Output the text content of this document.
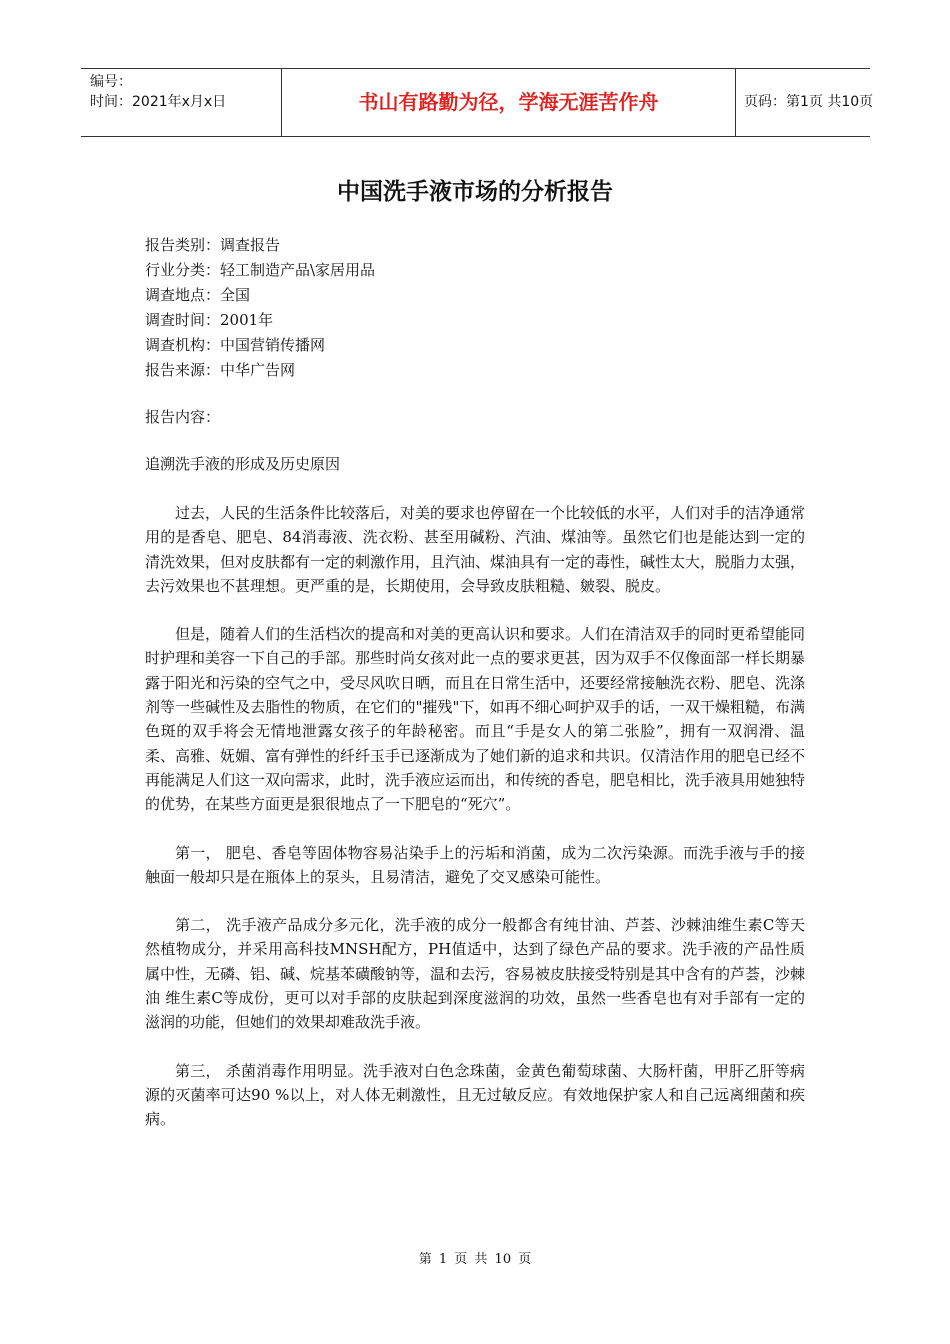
编号：
时间：2021年x月x日	书山有路勤为径，学海无涯苦作舟	页码：第1页 共10页
中国洗手液市场的分析报告
报告类别：调查报告
行业分类：轻工制造产品\家居用品
调查地点：全国
调查时间：2001年
调查机构：中国营销传播网
报告来源：中华广告网
报告内容：
追溯洗手液的形成及历史原因

过去，人民的生活条件比较落后，对美的要求也停留在一个比较低的水平，人们对手的洁净通常用的是香皂、肥皂、84消毒液、洗衣粉、甚至用碱粉、汽油、煤油等。虽然它们也是能达到一定的清洗效果，但对皮肤都有一定的刺激作用，且汽油、煤油具有一定的毒性，碱性太大，脱脂力太强，去污效果也不甚理想。更严重的是，长期使用，会导致皮肤粗糙、皴裂、脱皮。

但是，随着人们的生活档次的提高和对美的更高认识和要求。人们在清洁双手的同时更希望能同时护理和美容一下自己的手部。那些时尚女孩对此一点的要求更甚，因为双手不仅像面部一样长期暴露于阳光和污染的空气之中，受尽风吹日晒，而且在日常生活中，还要经常接触洗衣粉、肥皂、洗涤剂等一些碱性及去脂性的物质，在它们的"摧残"下，如再不细心呵护双手的话，一双干燥粗糙，布满色斑的双手将会无情地泄露女孩子的年龄秘密。而且“手是女人的第二张脸”，拥有一双润滑、温柔、高雅、妩媚、富有弹性的纤纤玉手已逐渐成为了她们新的追求和共识。仅清洁作用的肥皂已经不再能满足人们这一双向需求，此时，洗手液应运而出，和传统的香皂，肥皂相比，洗手液具用她独特的优势，在某些方面更是狠很地点了一下肥皂的“死穴”。

第一， 肥皂、香皂等固体物容易沾染手上的污垢和消菌，成为二次污染源。而洗手液与手的接触面一般却只是在瓶体上的泵头，且易清洁，避免了交叉感染可能性。

第二， 洗手液产品成分多元化，洗手液的成分一般都含有纯甘油、芦荟、沙棘油维生素C等天然植物成分，并采用高科技MNSH配方，PH值适中，达到了绿色产品的要求。洗手液的产品性质属中性，无磷、铝、碱、烷基苯磺酸钠等，温和去污，容易被皮肤接受特别是其中含有的芦荟，沙棘油 维生素C等成份，更可以对手部的皮肤起到深度滋润的功效，虽然一些香皂也有对手部有一定的滋润的功能，但她们的效果却难敌洗手液。

第三， 杀菌消毒作用明显。洗手液对白色念珠菌，金黄色葡萄球菌、大肠杆菌，甲肝乙肝等病源的灭菌率可达90 %以上，对人体无刺激性，且无过敏反应。有效地保护家人和自己远离细菌和疾病。

第 1 页 共 10 页
